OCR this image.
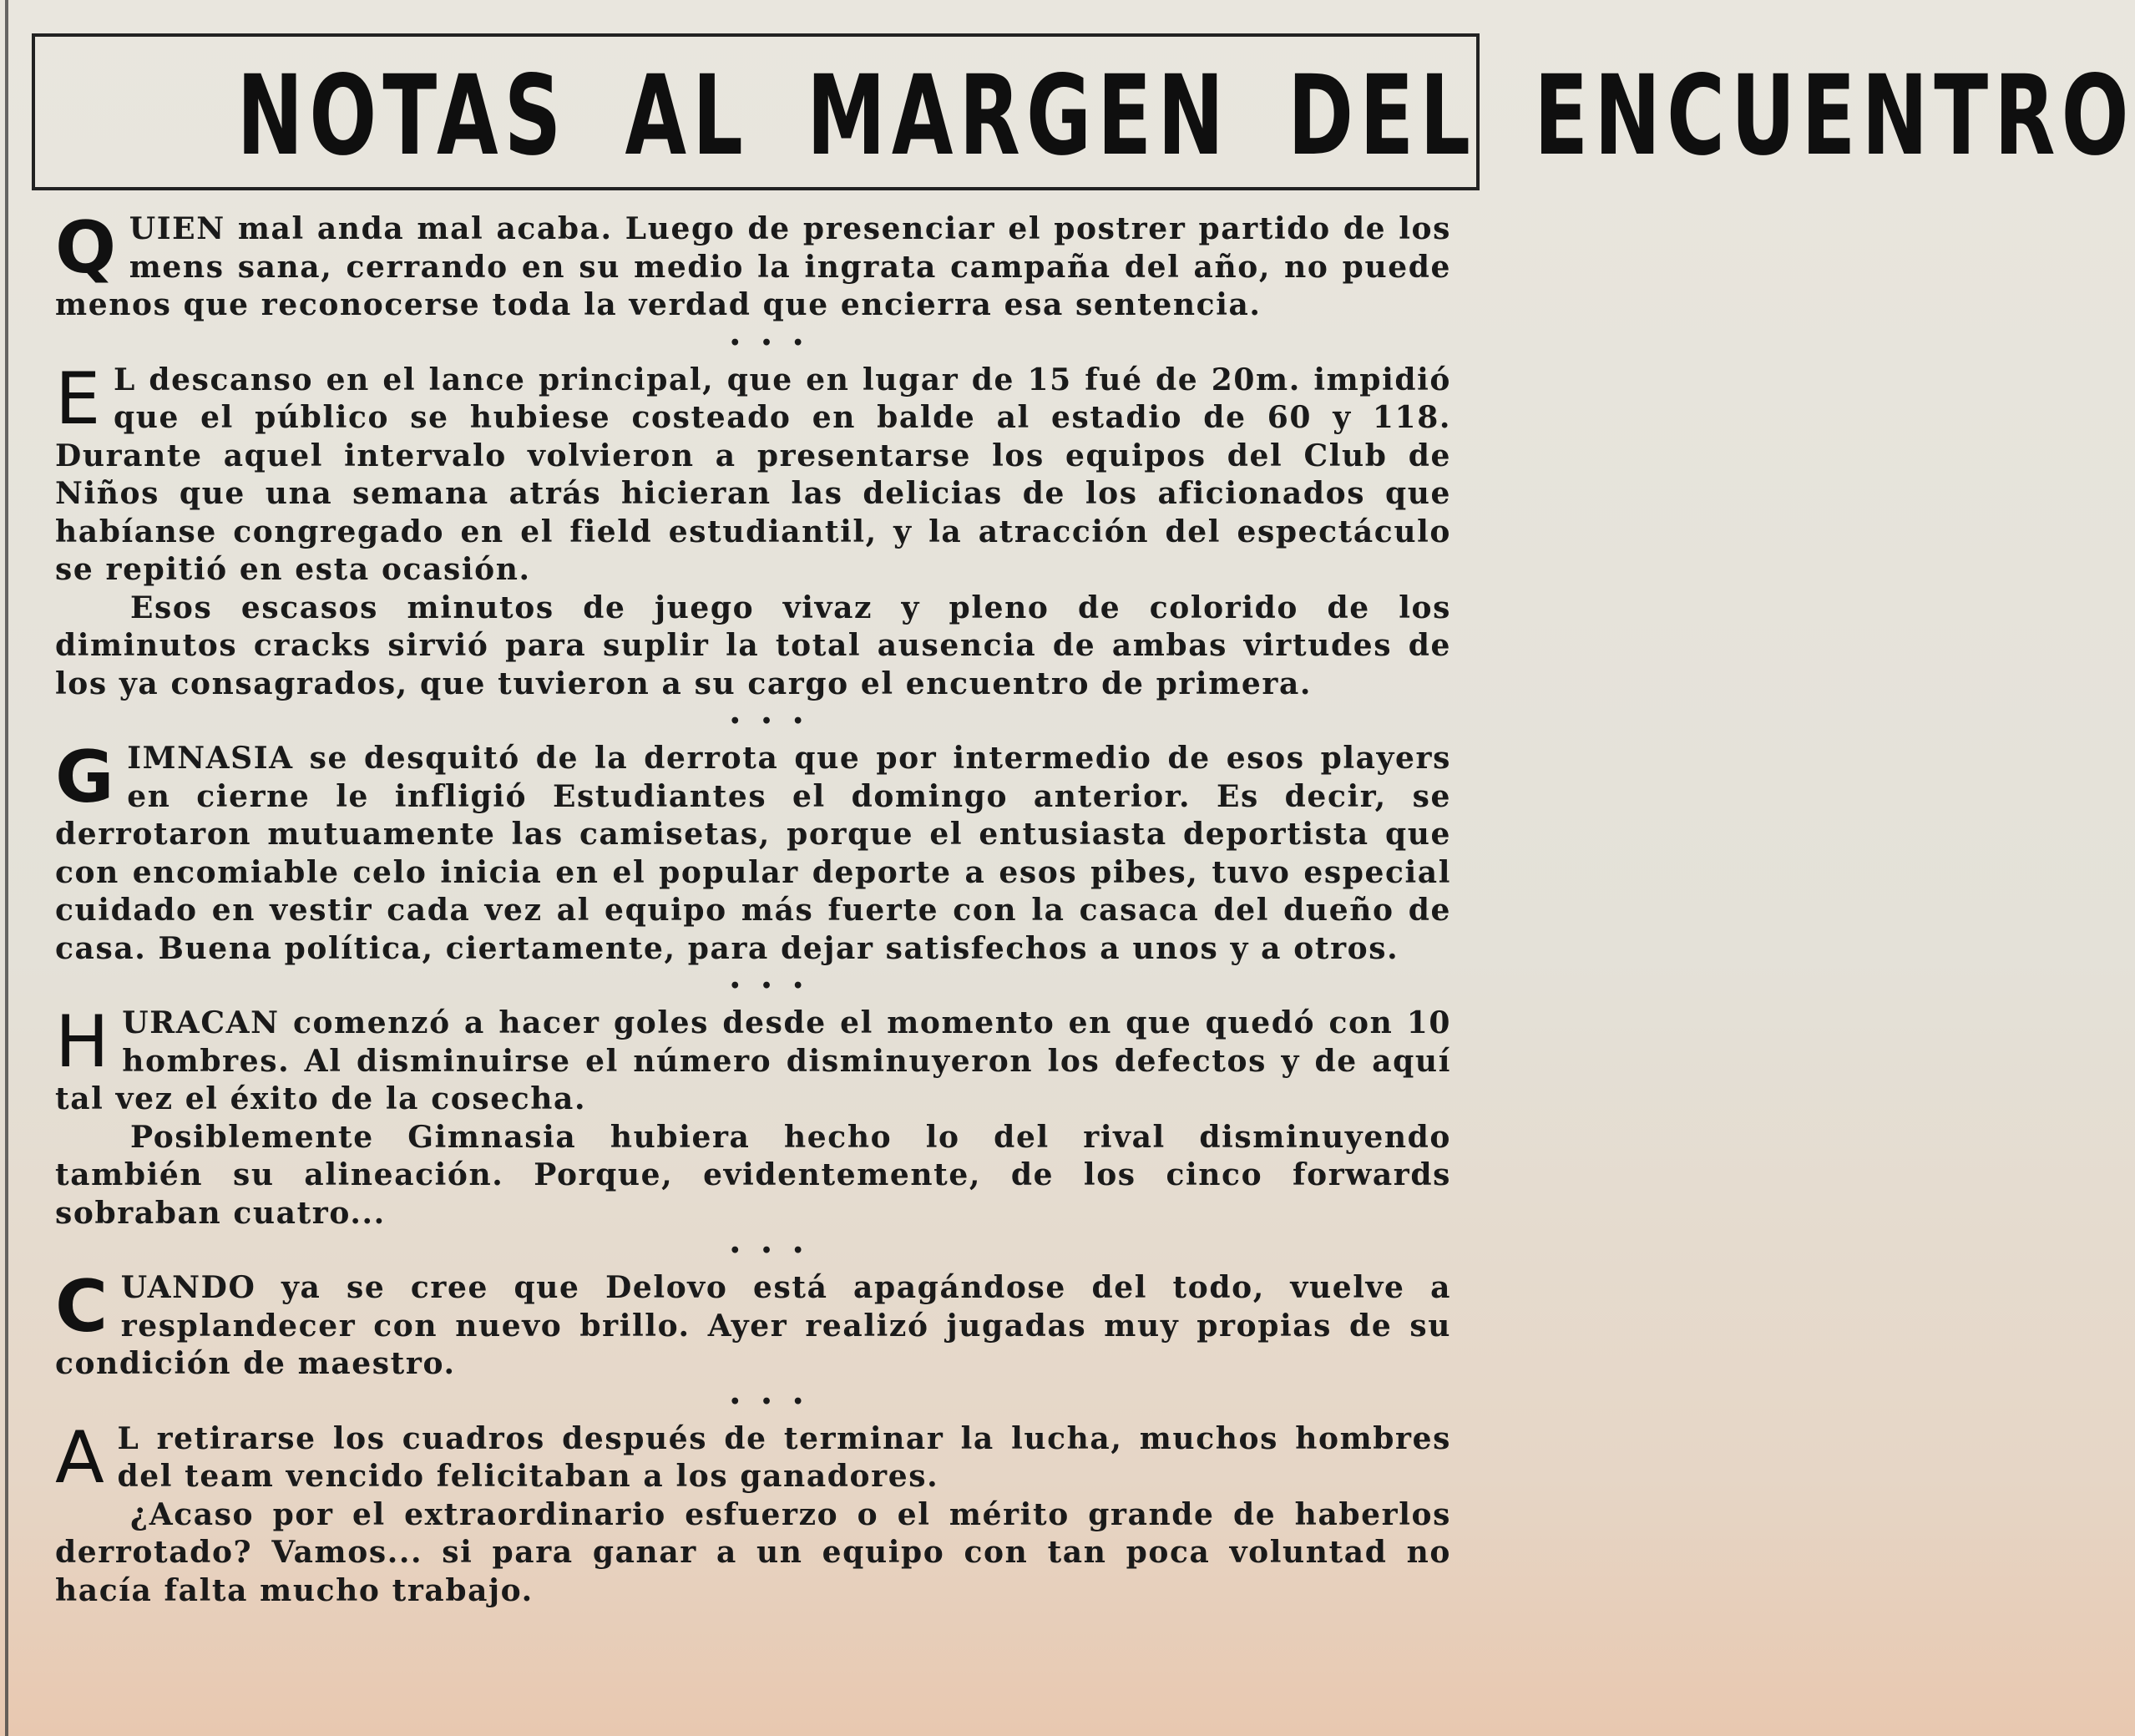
NOTAS AL MARGEN DEL ENCUENTRO
Q UIEN mal anda mal acaba. Luego de presenciar el postrer partido de los mens sana, cerrando en su medio la ingrata campaña del año, no puede menos que reconocerse toda la verdad que encierra esa sentencia.

• • •
E L descanso en el lance principal, que en lugar de 15 fué de 20m. impidió que el público se hubiese costeado en balde al estadio de 60 y 118. Durante aquel intervalo volvieron a presentarse los equipos del Club de Niños que una semana atrás hicieran las delicias de los aficionados que habíanse congregado en el field estudiantil, y la atracción del espectáculo se repitió en esta ocasión.

Esos escasos minutos de juego vivaz y pleno de colorido de los diminutos cracks sirvió para suplir la total ausencia de ambas virtudes de los ya consagrados, que tuvieron a su cargo el encuentro de primera.

• • •
G IMNASIA se desquitó de la derrota que por intermedio de esos players en cierne le infligió Estudiantes el domingo anterior. Es decir, se derrotaron mutuamente las camisetas, porque el entusiasta deportista que con encomiable celo inicia en el popular deporte a esos pibes, tuvo especial cuidado en vestir cada vez al equipo más fuerte con la casaca del dueño de casa. Buena política, ciertamente, para dejar satisfechos a unos y a otros.

• • •
H URACAN comenzó a hacer goles desde el momento en que quedó con 10 hombres. Al disminuirse el número disminuyeron los defectos y de aquí tal vez el éxito de la cosecha.

Posiblemente Gimnasia hubiera hecho lo del rival disminuyendo también su alineación. Porque, evidentemente, de los cinco forwards sobraban cuatro...

• • •
C UANDO ya se cree que Delovo está apagándose del todo, vuelve a resplandecer con nuevo brillo. Ayer realizó jugadas muy propias de su condición de maestro.

• • •
A L retirarse los cuadros después de terminar la lucha, muchos hombres del team vencido felicitaban a los ganadores.

¿Acaso por el extraordinario esfuerzo o el mérito grande de haberlos derrotado? Vamos... si para ganar a un equipo con tan poca voluntad no hacía falta mucho trabajo.
